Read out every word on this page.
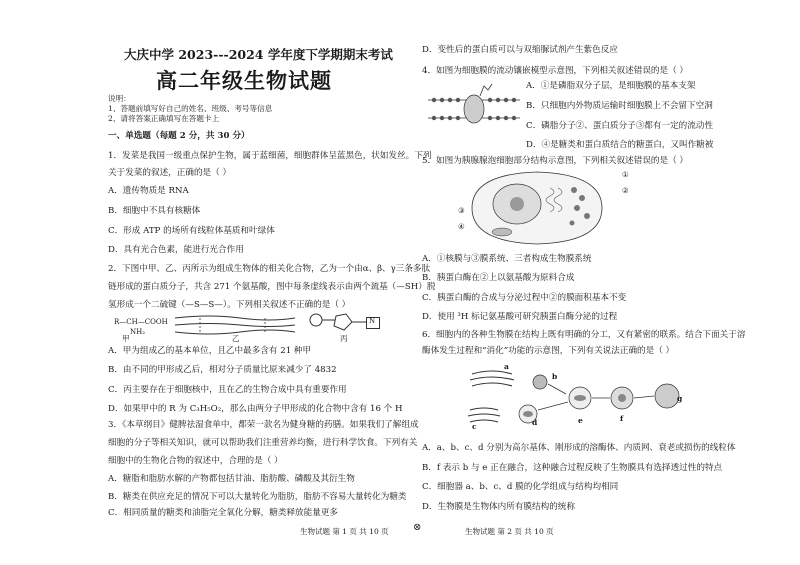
大庆中学 2023---2024 学年度下学期期末考试
高二年级生物试题
说明：
1、答题前填写好自己的姓名、班级、考号等信息
2、请将答案正确填写在答题卡上
一、单选题（每题 2 分，共 30 分）
1．发菜是我国一级重点保护生物，属于蓝细菌，细胞群体呈蓝黑色，状如发丝。下列
关于发菜的叙述，正确的是（ ）
A．遗传物质是 RNA
B．细胞中不具有核糖体
C．形成 ATP 的场所有线粒体基质和叶绿体
D．具有光合色素，能进行光合作用
2．下图中甲、乙、丙所示为组成生物体的相关化合物，乙为一个由α、β、γ三条多肽
链形成的蛋白质分子，共含 271 个氨基酸，图中每条虚线表示由两个巯基（—SH）脱
氢形成一个二硫键（—S—S—）。下列相关叙述不正确的是（ ）
R—CH—COOH
NH₂
N
甲	乙	丙
A．甲为组成乙的基本单位，且乙中最多含有 21 种甲
B．由不同的甲形成乙后，相对分子质量比原来减少了 4832
C．丙主要存在于细胞核中，且在乙的生物合成中具有重要作用
D．如果甲中的 R 为 C₃H₅O₂，那么由两分子甲形成的化合物中含有 16 个 H
3．《本草纲目》健脾祛湿食单中，都荣一款名为健身糖的药膳。如果我们了解组成
细胞的分子等相关知识，就可以帮助我们注重营养均衡，进行科学饮食。下列有关
细胞中的生物化合物的叙述中，合理的是（ ）
A．糖脂和脂肪水解的产物都包括甘油、脂肪酸、磷酸及其衍生物
B．糖类在供应充足的情况下可以大量转化为脂肪，脂肪不容易大量转化为糖类
C．相同质量的糖类和油脂完全氧化分解，糖类释放能量更多
生物试题 第 1 页 共 10 页 ⊗
D．变性后的蛋白质可以与双缩脲试剂产生紫色反应
4．如图为细胞膜的流动镶嵌模型示意图，下列相关叙述错误的是（ ）
A．①是磷脂双分子层，是细胞膜的基本支架
B．只细胞内外物质运输时细胞膜上不会留下空洞
C．磷脂分子②、蛋白质分子③都有一定的流动性
D．④是糖类和蛋白质结合的糖蛋白，又叫作糖被
5．如图为胰腺腺泡细胞部分结构示意图，下列相关叙述错误的是（ ）
①
②
③
④
A．①核膜与③膜系统、三者构成生物膜系统
B．胰蛋白酶在②上以氨基酸为原料合成
C．胰蛋白酶的合成与分泌过程中②的膜面积基本不变
D．使用 ³H 标记氨基酸可研究胰蛋白酶分泌的过程
6．细胞内的各种生物膜在结构上既有明确的分工，又有紧密的联系。结合下面关于溶
酶体发生过程和“消化”功能的示意图，下列有关说法正确的是（ ）
a
b
c	d	e	f
g
A．a、b、c、d 分别为高尔基体、刚形成的溶酶体、内质网、衰老或损伤的线粒体
B．f 表示 b 与 e 正在融合，这种融合过程反映了生物膜具有选择透过性的特点
C．细胞器 a、b、c、d 膜的化学组成与结构均相同
D．生物膜是生物体内所有膜结构的统称
生物试题 第 2 页 共 10 页
